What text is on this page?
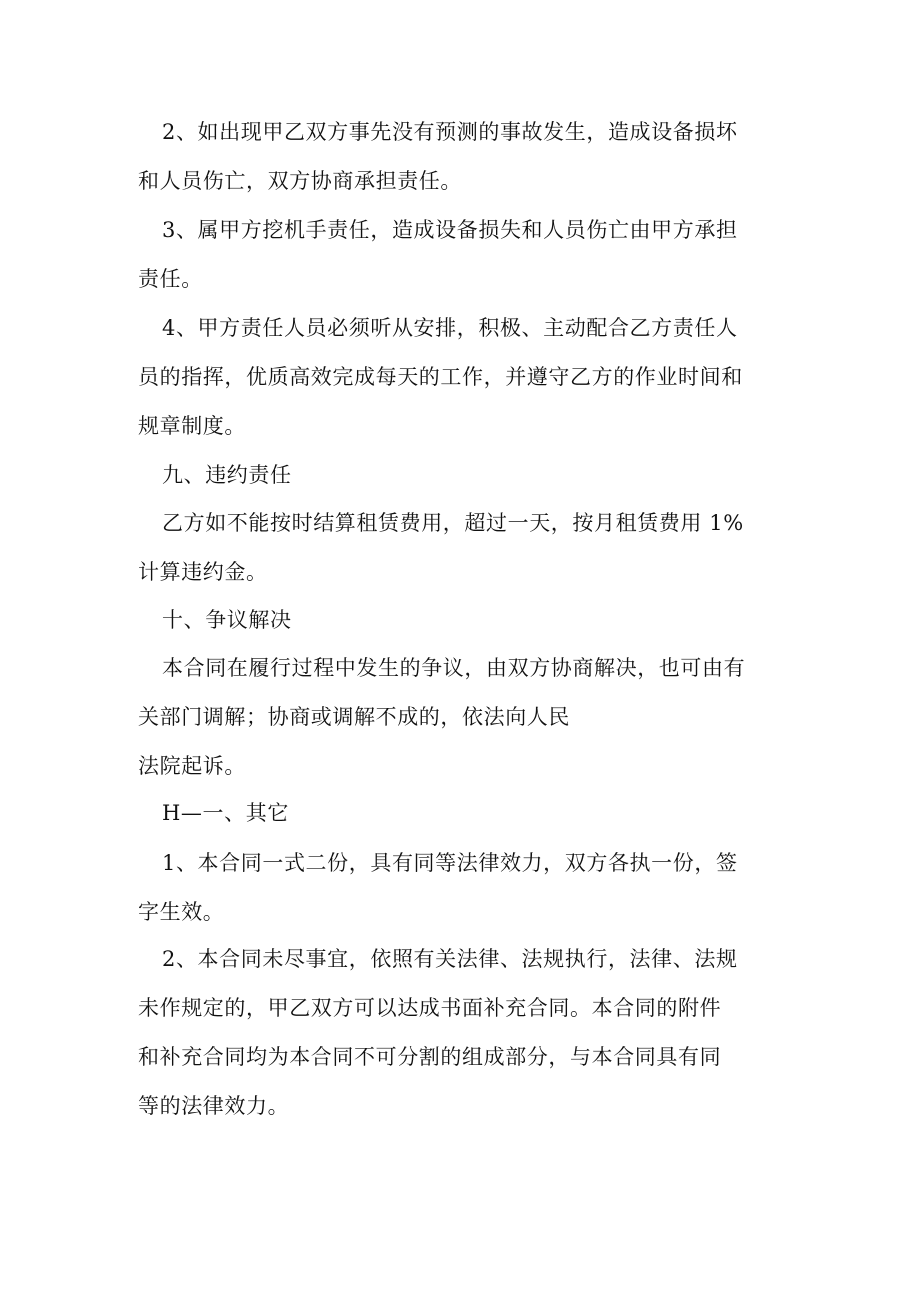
2、如出现甲乙双方事先没有预测的事故发生，造成设备损坏
和人员伤亡，双方协商承担责任。

3、属甲方挖机手责任，造成设备损失和人员伤亡由甲方承担
责任。

4、甲方责任人员必须听从安排，积极、主动配合乙方责任人
员的指挥，优质高效完成每天的工作，并遵守乙方的作业时间和
规章制度。

九、违约责任

乙方如不能按时结算租赁费用，超过一天，按月租赁费用 1%
计算违约金。

十、争议解决

本合同在履行过程中发生的争议，由双方协商解决，也可由有
关部门调解；协商或调解不成的，依法向人民
法院起诉。

H—一、其它

1、本合同一式二份，具有同等法律效力，双方各执一份，签
字生效。

2、本合同未尽事宜，依照有关法律、法规执行，法律、法规
未作规定的，甲乙双方可以达成书面补充合同。本合同的附件
和补充合同均为本合同不可分割的组成部分，与本合同具有同
等的法律效力。
